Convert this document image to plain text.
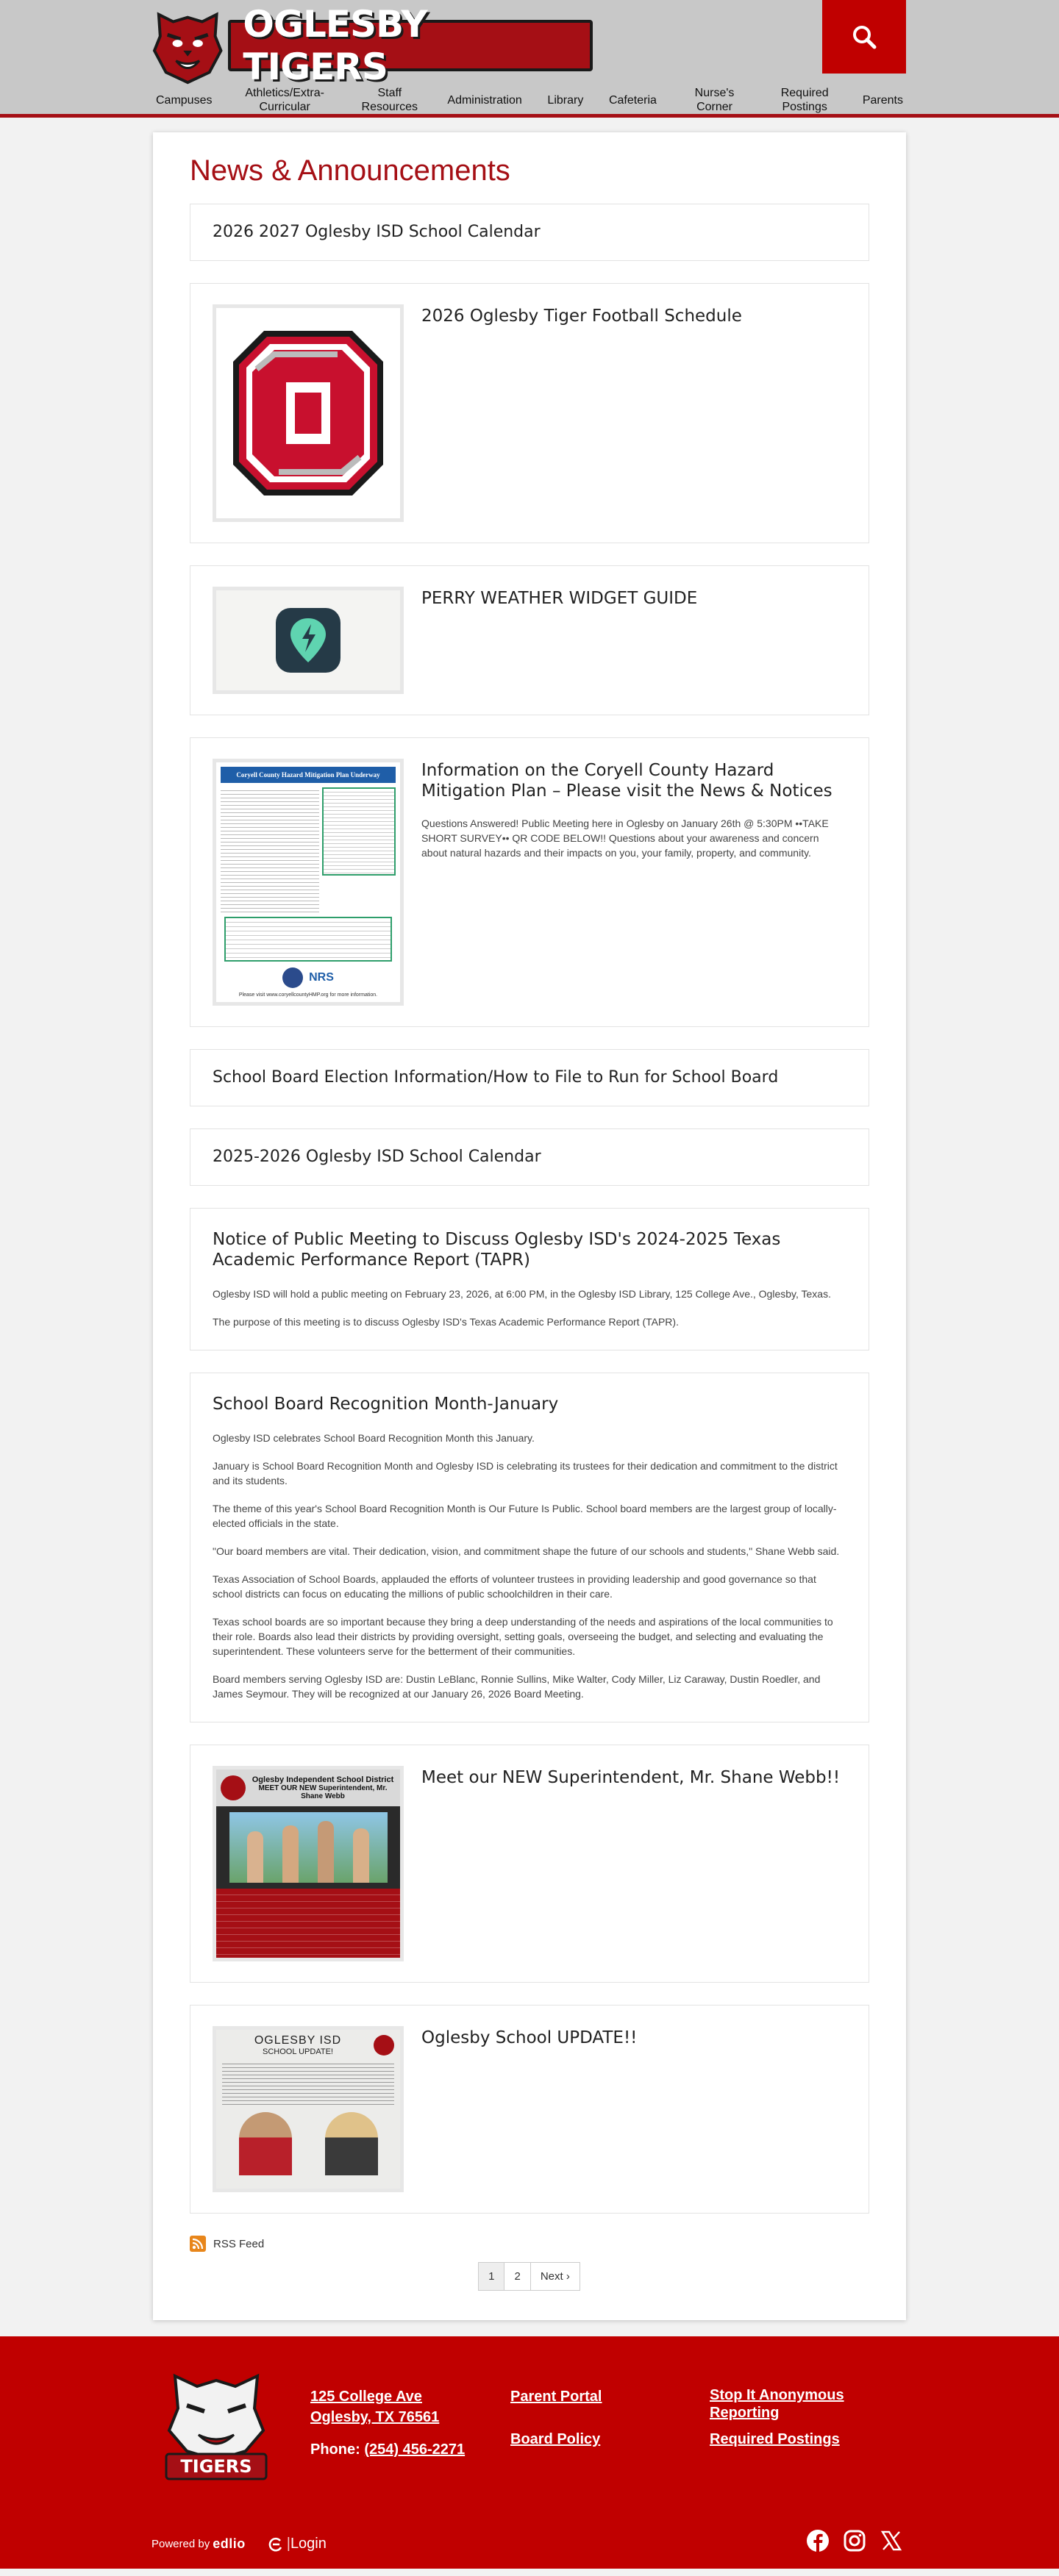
OGLESBY TIGERS
Campuses
Athletics/Extra-Curricular
Staff Resources
Administration	Library	Cafeteria
Nurse's Corner
Required Postings
Parents
News & Announcements
2026 2027 Oglesby ISD School Calendar
2026 Oglesby Tiger Football Schedule
PERRY WEATHER WIDGET GUIDE
Coryell County Hazard Mitigation Plan Underway
NRS
Please visit www.coryellcountyHMP.org for more information.
Information on the Coryell County Hazard Mitigation Plan – Please visit the News & Notices

Questions Answered! Public Meeting here in Oglesby on January 26th @ 5:30PM ••TAKE SHORT SURVEY•• QR CODE BELOW!! Questions about your awareness and concern about natural hazards and their impacts on you, your family, property, and community.

School Board Election Information/How to File to Run for School Board
2025-2026 Oglesby ISD School Calendar
Notice of Public Meeting to Discuss Oglesby ISD's 2024-2025 Texas Academic Performance Report (TAPR)

Oglesby ISD will hold a public meeting on February 23, 2026, at 6:00 PM, in the Oglesby ISD Library, 125 College Ave., Oglesby, Texas.

The purpose of this meeting is to discuss Oglesby ISD's Texas Academic Performance Report (TAPR).

School Board Recognition Month-January

Oglesby ISD celebrates School Board Recognition Month this January.

January is School Board Recognition Month and Oglesby ISD is celebrating its trustees for their dedication and commitment to the district and its students.

The theme of this year's School Board Recognition Month is Our Future Is Public. School board members are the largest group of locally-elected officials in the state.

"Our board members are vital. Their dedication, vision, and commitment shape the future of our schools and students," Shane Webb said.

Texas Association of School Boards, applauded the efforts of volunteer trustees in providing leadership and good governance so that school districts can focus on educating the millions of public schoolchildren in their care.

Texas school boards are so important because they bring a deep understanding of the needs and aspirations of the local communities to their role. Boards also lead their districts by providing oversight, setting goals, overseeing the budget, and selecting and evaluating the superintendent. These volunteers serve for the betterment of their communities.

Board members serving Oglesby ISD are: Dustin LeBlanc, Ronnie Sullins, Mike Walter, Cody Miller, Liz Caraway, Dustin Roedler, and James Seymour. They will be recognized at our January 26, 2026 Board Meeting.

Oglesby Independent School District
MEET OUR NEW Superintendent, Mr. Shane Webb
Meet our NEW Superintendent, Mr. Shane Webb!!
OGLESBY ISD
SCHOOL UPDATE!
Oglesby School UPDATE!!
RSS Feed
1	2	Next ›
TIGERS
125 College Ave
Oglesby, TX 76561
Phone: (254) 456-2271
Parent Portal
Board Policy
Stop It Anonymous Reporting
Required Postings
Powered by edlio	| Login
